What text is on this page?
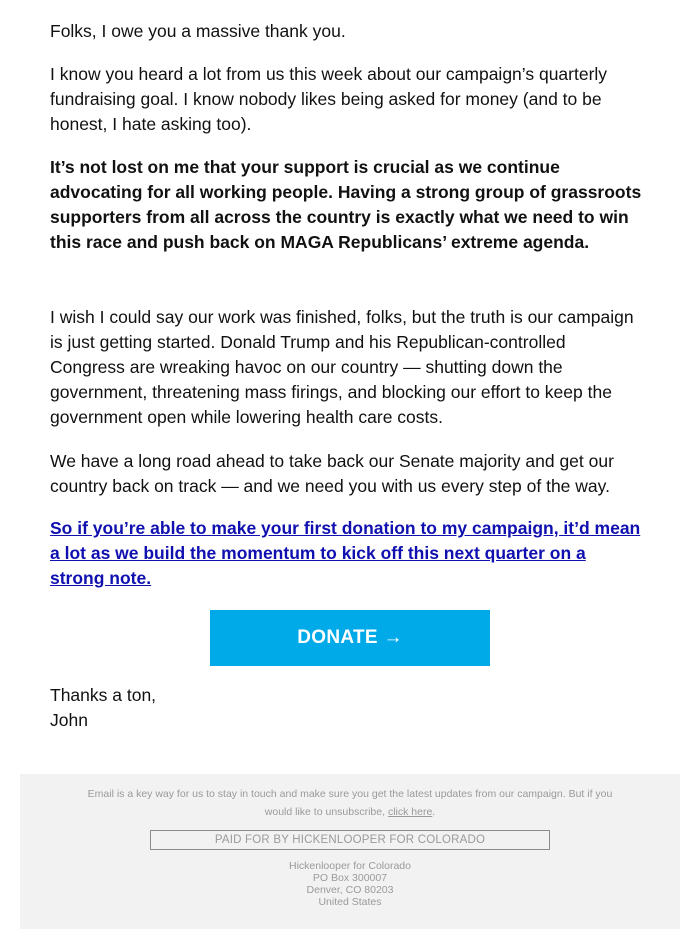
Folks, I owe you a massive thank you.

I know you heard a lot from us this week about our campaign’s quarterly fundraising goal. I know nobody likes being asked for money (and to be honest, I hate asking too).

It’s not lost on me that your support is crucial as we continue advocating for all working people. Having a strong group of grassroots supporters from all across the country is exactly what we need to win this race and push back on MAGA Republicans’ extreme agenda.

I wish I could say our work was finished, folks, but the truth is our campaign is just getting started. Donald Trump and his Republican-controlled Congress are wreaking havoc on our country — shutting down the government, threatening mass firings, and blocking our effort to keep the government open while lowering health care costs.

We have a long road ahead to take back our Senate majority and get our country back on track — and we need you with us every step of the way.

So if you’re able to make your first donation to my campaign, it’d mean a lot as we build the momentum to kick off this next quarter on a strong note.

DONATE →
Thanks a ton,
John
Email is a key way for us to stay in touch and make sure you get the latest updates from our campaign. But if you would like to unsubscribe, click here.
PAID FOR BY HICKENLOOPER FOR COLORADO
Hickenlooper for Colorado
PO Box 300007
Denver, CO 80203
United States
